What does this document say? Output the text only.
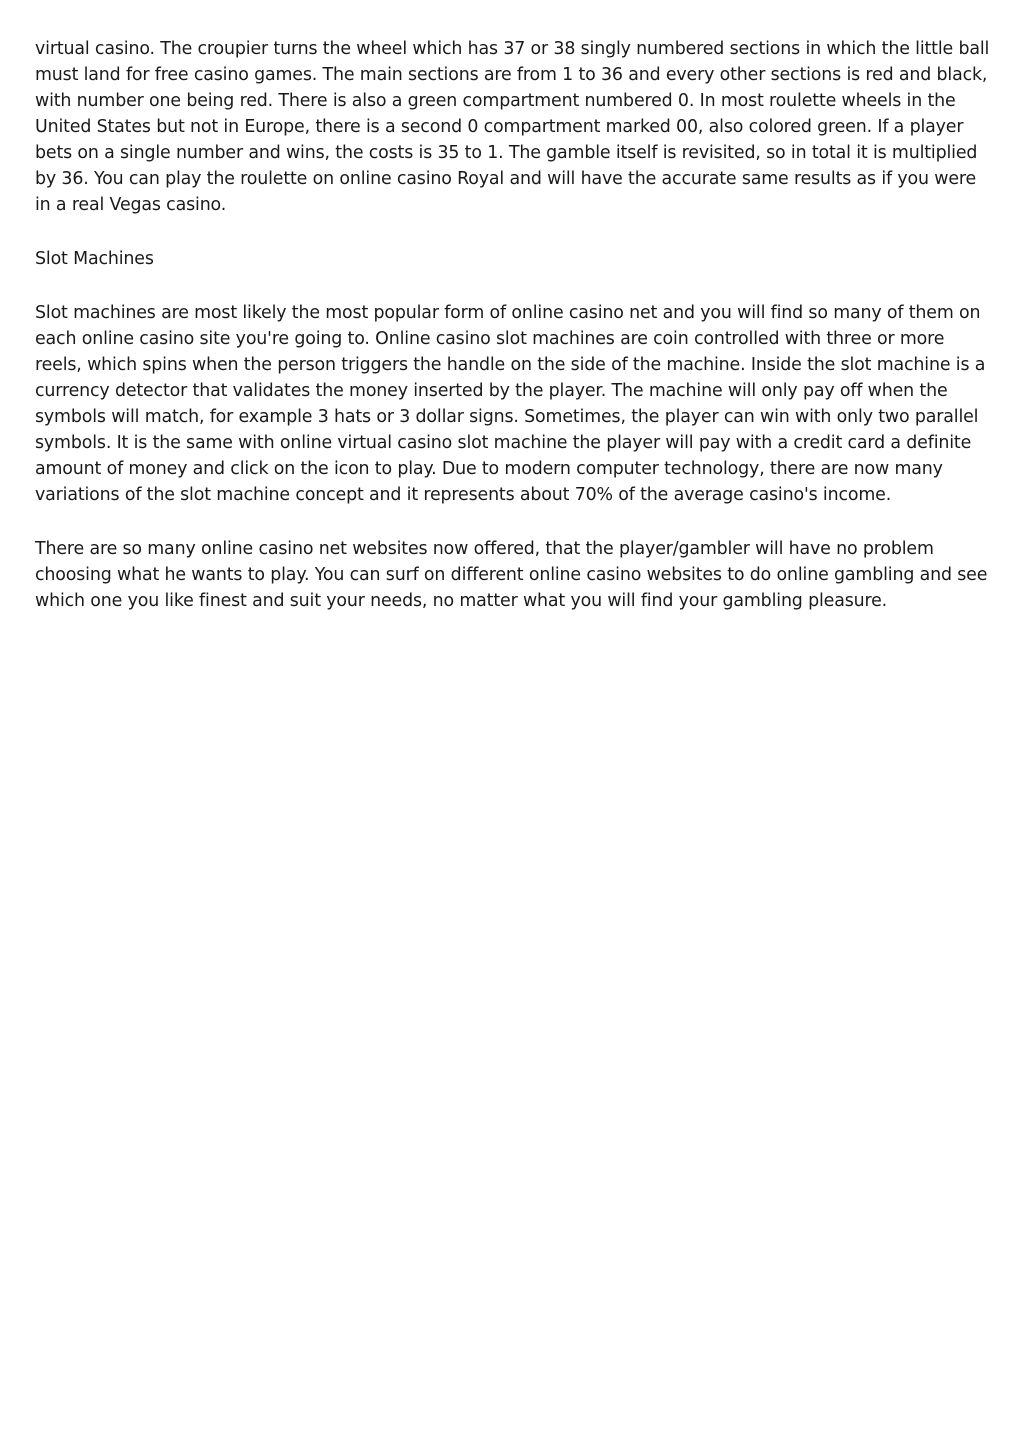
virtual casino. The croupier turns the wheel which has 37 or 38 singly numbered sections in which the little ball must land for free casino games. The main sections are from 1 to 36 and every other sections is red and black, with number one being red. There is also a green compartment numbered 0. In most roulette wheels in the United States but not in Europe, there is a second 0 compartment marked 00, also colored green. If a player bets on a single number and wins, the costs is 35 to 1. The gamble itself is revisited, so in total it is multiplied by 36. You can play the roulette on online casino Royal and will have the accurate same results as if you were in a real Vegas casino.

Slot Machines

Slot machines are most likely the most popular form of online casino net and you will find so many of them on each online casino site you're going to. Online casino slot machines are coin controlled with three or more reels, which spins when the person triggers the handle on the side of the machine. Inside the slot machine is a currency detector that validates the money inserted by the player. The machine will only pay off when the symbols will match, for example 3 hats or 3 dollar signs. Sometimes, the player can win with only two parallel symbols. It is the same with online virtual casino slot machine the player will pay with a credit card a definite amount of money and click on the icon to play. Due to modern computer technology, there are now many variations of the slot machine concept and it represents about 70% of the average casino's income.

There are so many online casino net websites now offered, that the player/gambler will have no problem choosing what he wants to play. You can surf on different online casino websites to do online gambling and see which one you like finest and suit your needs, no matter what you will find your gambling pleasure.
